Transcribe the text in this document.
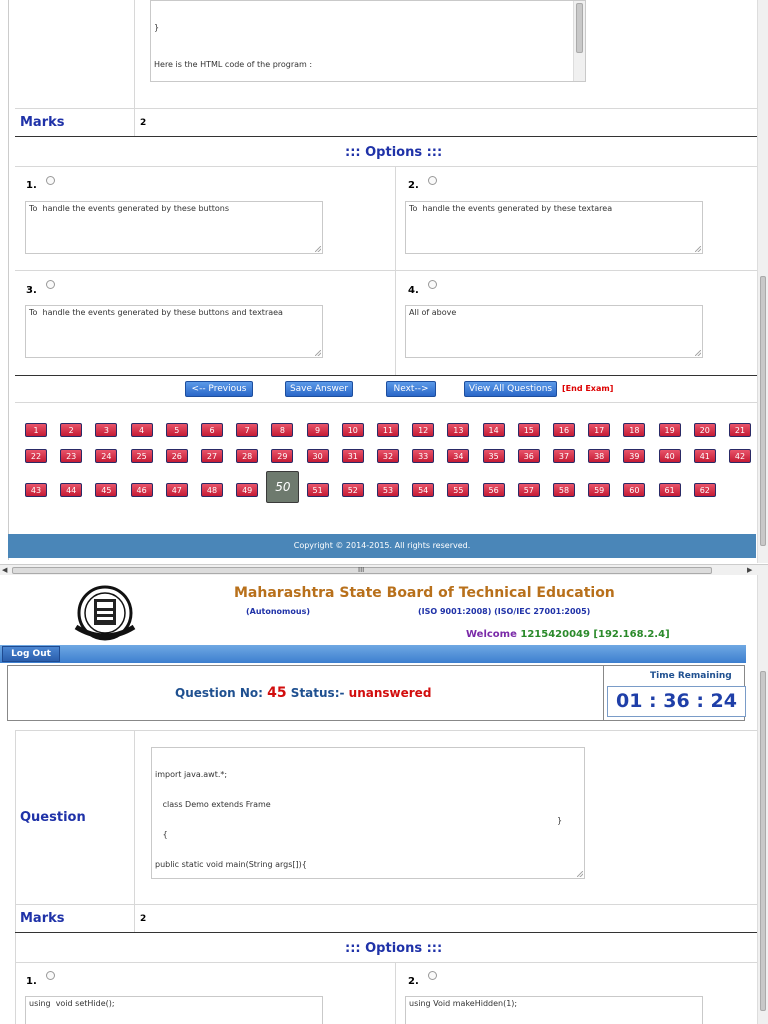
}

Here is the HTML code of the program :

Marks	2
::: Options :::
1.
To  handle the events generated by these buttons
2.
To  handle the events generated by these textarea
3.
To  handle the events generated by these buttons and textraea
4.
All of above
<-- Previous	Save Answer	Next-->	View All Questions	[End Exam]
1	2	3	4	5	6	7	8	9	10	11	12	13	14	15	16	17	18	19	20	21
22	23	24	25	26	27	28	29	30	31	32	33	34	35	36	37	38	39	40	41	42
43	44	45	46	47	48	49	50	51	52	53	54	55	56	57	58	59	60	61	62
Copyright © 2014-2015. All rights reserved.
◀	III	▶
Maharashtra State Board of Technical Education
(Autonomous)	(ISO 9001:2008) (ISO/IEC 27001:2005)
Welcome 1215420049 [192.168.2.4]
Log Out
Question No: 45 Status:- unanswered
Time Remaining
01 : 36 : 24
Question

import java.awt.*;

class Demo extends Frame

{

public static void main(String args[]){

}

Marks	2
::: Options :::
1.
using  void setHide();
2.
using Void makeHidden(1);
